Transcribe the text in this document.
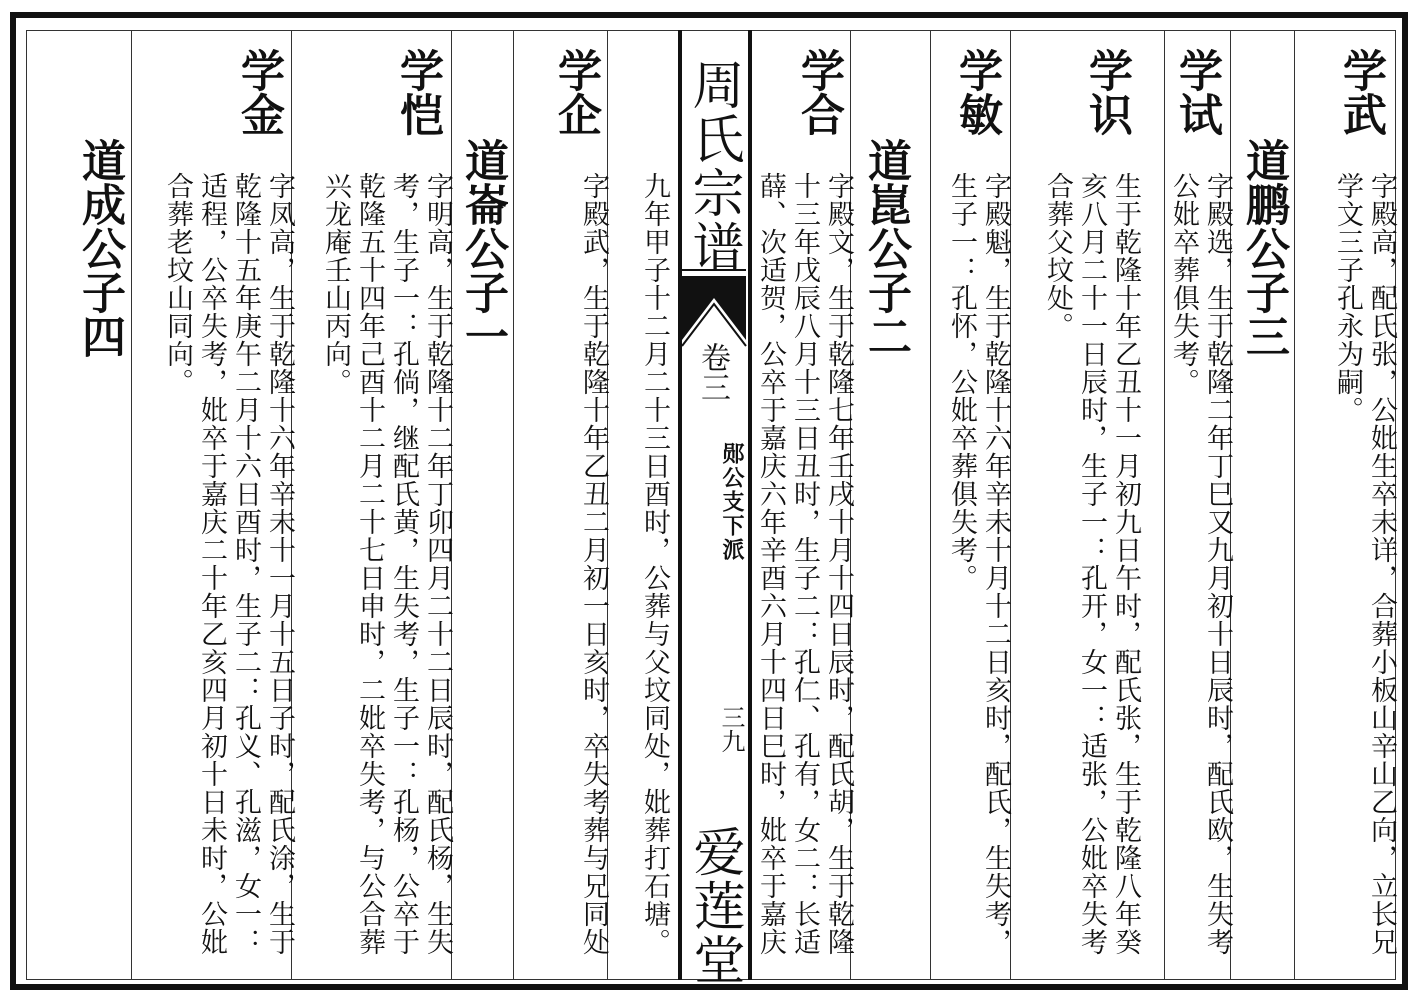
周氏宗谱
卷三
郧公支下派
三九
爱莲堂
学武
字殿高，配氏张，公妣生卒未详，合葬小板山辛山乙向，立长兄
学文三子孔永为嗣。
道鹏公子三
学试
字殿选，生于乾隆二年丁巳又九月初十日辰时，配氏欧，生失考
公妣卒葬俱失考。
学识
生于乾隆十年乙丑十一月初九日午时，配氏张，生于乾隆八年癸
亥八月二十一日辰时，生子一：孔开，女一：适张，公妣卒失考
合葬父坟处。
学敏
字殿魁，生于乾隆十六年辛未十月十二日亥时，配氏，生失考，
生子一：孔怀，公妣卒葬俱失考。
道崑公子二
学合
字殿文，生于乾隆七年壬戌十月十四日辰时，配氏胡，生于乾隆
十三年戊辰八月十三日丑时，生子二：孔仁、孔有，女二：长适
薛、次适贺，公卒于嘉庆六年辛酉六月十四日巳时，妣卒于嘉庆
九年甲子十二月二十三日酉时，公葬与父坟同处，妣葬打石塘。
学企
字殿武，生于乾隆十年乙丑二月初一日亥时，卒失考葬与兄同处
道崙公子一
学恺
字明高，生于乾隆十二年丁卯四月二十二日辰时，配氏杨，生失
考，生子一：孔倘，继配氏黄，生失考，生子一：孔杨，公卒于
乾隆五十四年己酉十二月二十七日申时，二妣卒失考，与公合葬
兴龙庵壬山丙向。
学金
字凤高，生于乾隆十六年辛未十一月十五日子时，配氏涂，生于
乾隆十五年庚午二月十六日酉时，生子二：孔义、孔滋，女一：
适程，公卒失考，妣卒于嘉庆二十年乙亥四月初十日未时，公妣
合葬老坟山同向。
道成公子四
